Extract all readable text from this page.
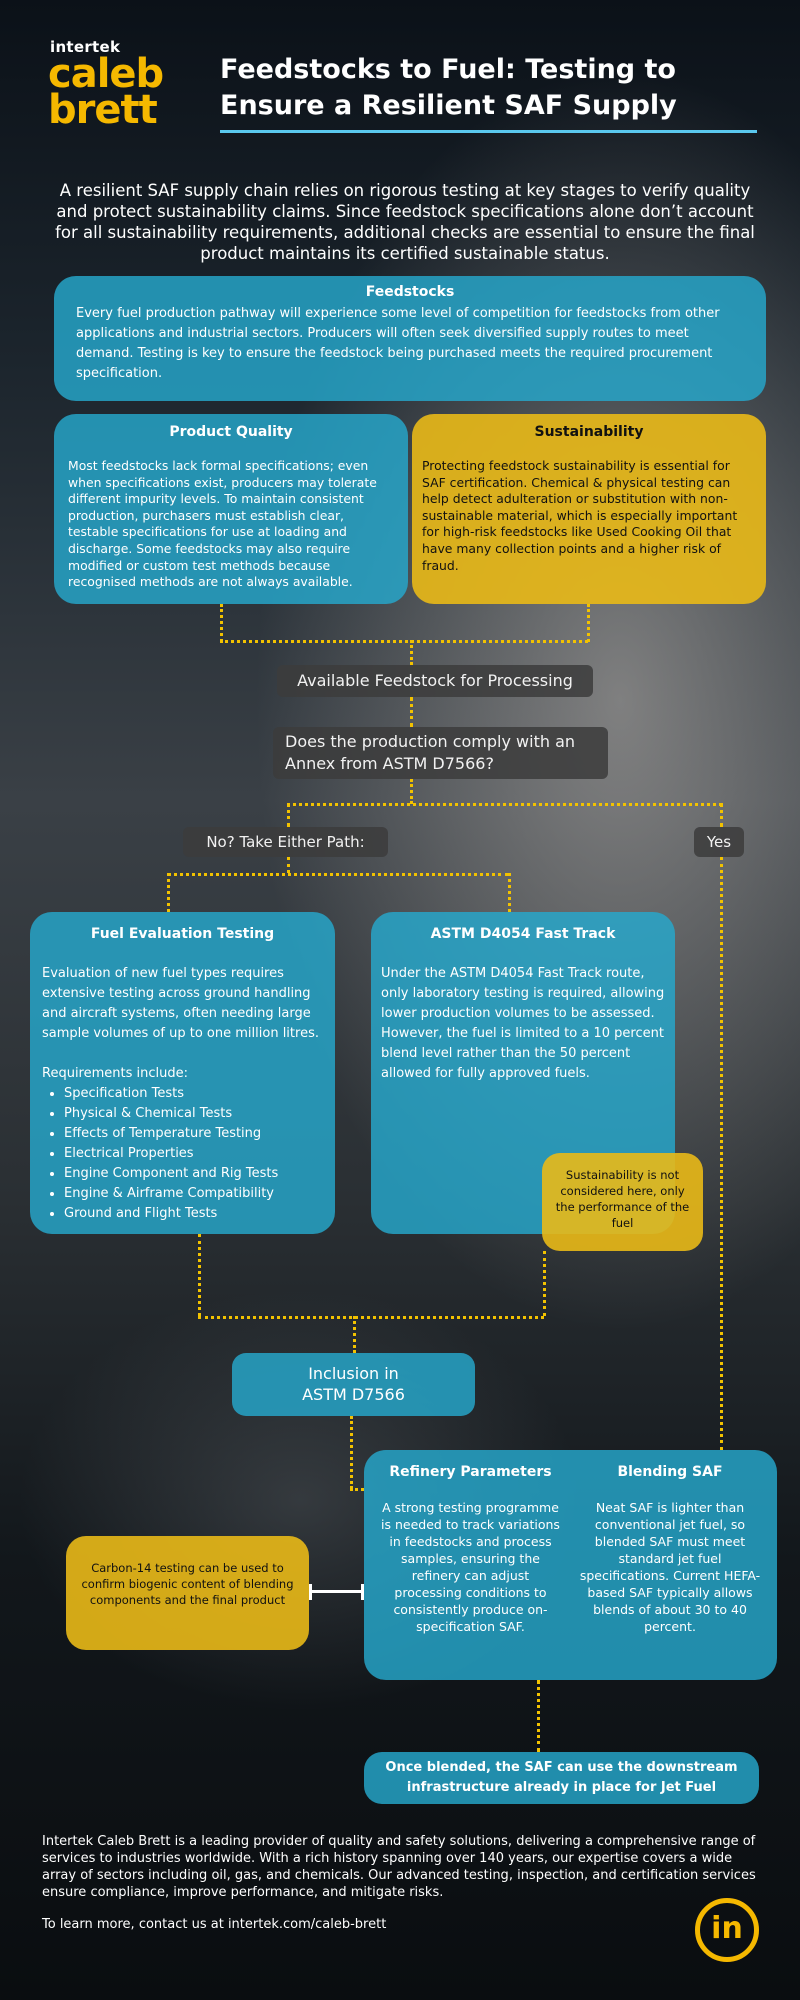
intertek
caleb
brett
Feedstocks to Fuel: Testing to Ensure a Resilient SAF Supply
A resilient SAF supply chain relies on rigorous testing at key stages to verify quality and protect sustainability claims. Since feedstock specifications alone don’t account for all sustainability requirements, additional checks are essential to ensure the final product maintains its certified sustainable status.
Feedstocks
Every fuel production pathway will experience some level of competition for feedstocks from other applications and industrial sectors. Producers will often seek diversified supply routes to meet demand. Testing is key to ensure the feedstock being purchased meets the required procurement specification.
Product Quality
Most feedstocks lack formal specifications; even when specifications exist, producers may tolerate different impurity levels. To maintain consistent production, purchasers must establish clear, testable specifications for use at loading and discharge. Some feedstocks may also require modified or custom test methods because recognised methods are not always available.
Sustainability
Protecting feedstock sustainability is essential for SAF certification. Chemical & physical testing can help detect adulteration or substitution with non-sustainable material, which is especially important for high-risk feedstocks like Used Cooking Oil that have many collection points and a higher risk of fraud.
Available Feedstock for Processing
Does the production comply with an Annex from ASTM D7566?
No? Take Either Path:	Yes
Fuel Evaluation Testing
Evaluation of new fuel types requires extensive testing across ground handling and aircraft systems, often needing large sample volumes of up to one million litres.
Requirements include:
• Specification Tests
• Physical & Chemical Tests
• Effects of Temperature Testing
• Electrical Properties
• Engine Component and Rig Tests
• Engine & Airframe Compatibility
• Ground and Flight Tests
ASTM D4054 Fast Track
Under the ASTM D4054 Fast Track route, only laboratory testing is required, allowing lower production volumes to be assessed. However, the fuel is limited to a 10 percent blend level rather than the 50 percent allowed for fully approved fuels.
Sustainability is not considered here, only the performance of the fuel
Inclusion in
ASTM D7566
Refinery Parameters
A strong testing programme is needed to track variations in feedstocks and process samples, ensuring the refinery can adjust processing conditions to consistently produce on-specification SAF.
Blending SAF
Neat SAF is lighter than conventional jet fuel, so blended SAF must meet standard jet fuel specifications. Current HEFA-based SAF typically allows blends of about 30 to 40 percent.
Carbon-14 testing can be used to confirm biogenic content of blending components and the final product
Once blended, the SAF can use the downstream infrastructure already in place for Jet Fuel
Intertek Caleb Brett is a leading provider of quality and safety solutions, delivering a comprehensive range of services to industries worldwide. With a rich history spanning over 140 years, our expertise covers a wide array of sectors including oil, gas, and chemicals. Our advanced testing, inspection, and certification services ensure compliance, improve performance, and mitigate risks.
To learn more, contact us at intertek.com/caleb-brett	in
